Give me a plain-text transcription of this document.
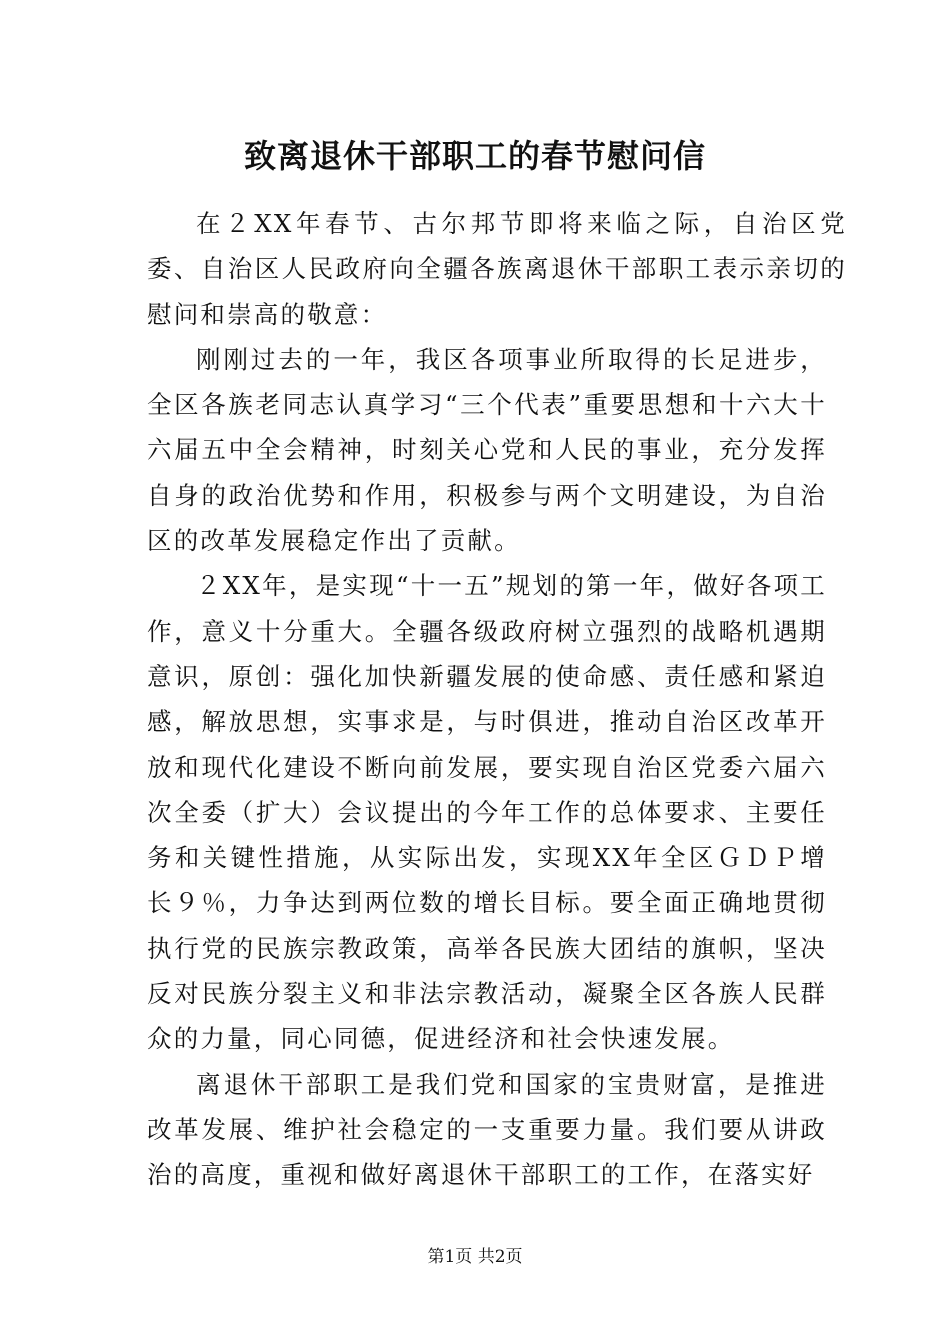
致离退休干部职工的春节慰问信

在２XX年春节、古尔邦节即将来临之际，自治区党委、自治区人民政府向全疆各族离退休干部职工表示亲切的慰问和崇高的敬意：

刚刚过去的一年，我区各项事业所取得的长足进步，全区各族老同志认真学习“三个代表”重要思想和十六大十六届五中全会精神，时刻关心党和人民的事业，充分发挥自身的政治优势和作用，积极参与两个文明建设，为自治区的改革发展稳定作出了贡献。

２XX年，是实现“十一五”规划的第一年，做好各项工作，意义十分重大。全疆各级政府树立强烈的战略机遇期意识，原创：强化加快新疆发展的使命感、责任感和紧迫感，解放思想，实事求是，与时俱进，推动自治区改革开放和现代化建设不断向前发展，要实现自治区党委六届六次全委（扩大）会议提出的今年工作的总体要求、主要任务和关键性措施，从实际出发，实现XX年全区ＧＤＰ增长９％，力争达到两位数的增长目标。要全面正确地贯彻执行党的民族宗教政策，高举各民族大团结的旗帜，坚决反对民族分裂主义和非法宗教活动，凝聚全区各族人民群众的力量，同心同德，促进经济和社会快速发展。

离退休干部职工是我们党和国家的宝贵财富，是推进改革发展、维护社会稳定的一支重要力量。我们要从讲政治的高度，重视和做好离退休干部职工的工作，在落实好

第1页 共2页
